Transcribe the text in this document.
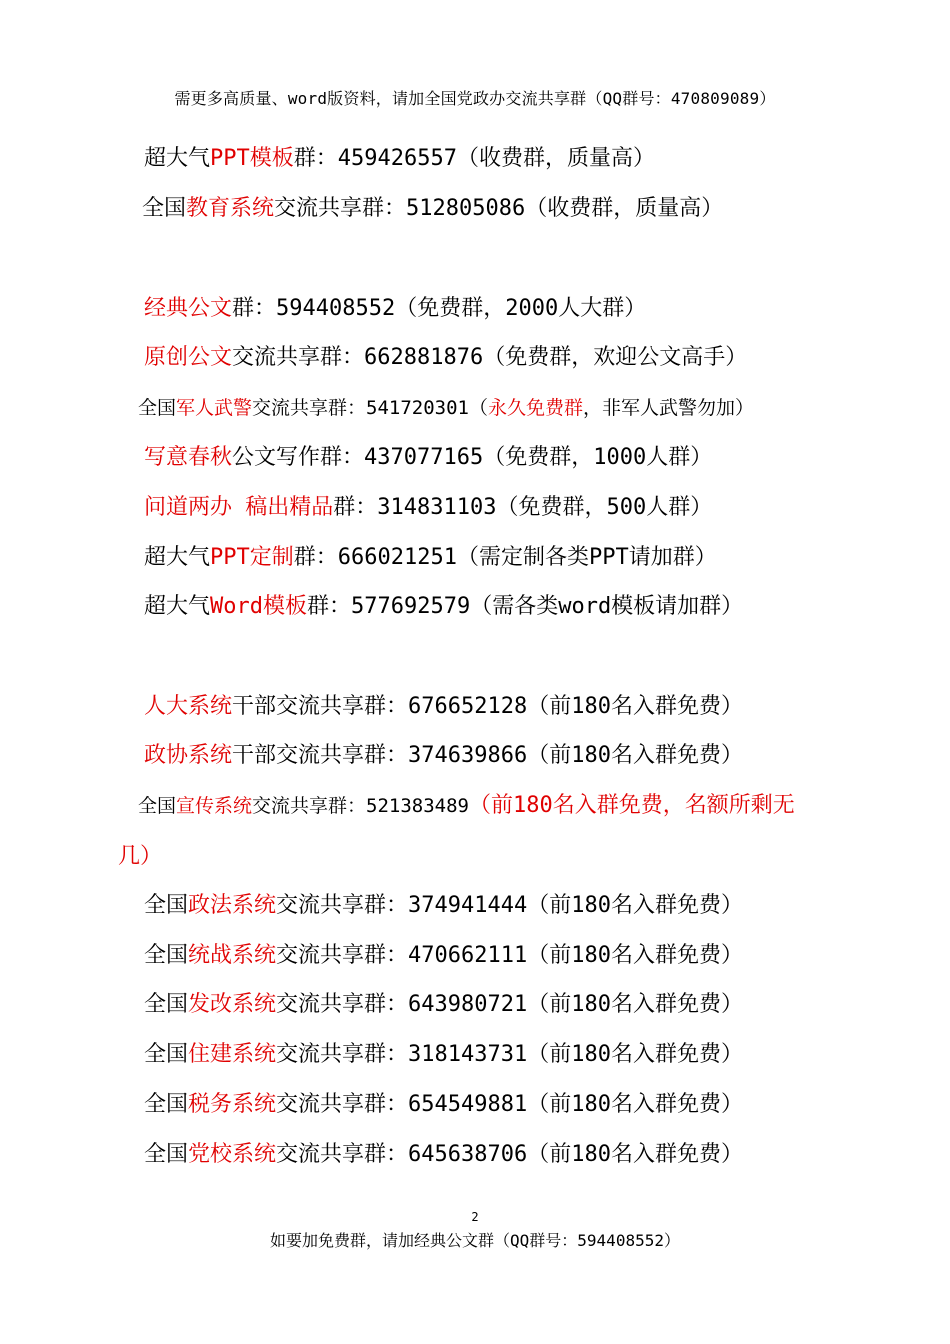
需更多高质量、word版资料，请加全国党政办交流共享群（QQ群号：470809089）
超大气PPT模板群：459426557（收费群，质量高）
全国教育系统交流共享群：512805086（收费群，质量高）
经典公文群：594408552（免费群，2000人大群）
原创公文交流共享群：662881876（免费群，欢迎公文高手）
全国军人武警交流共享群：541720301（永久免费群，非军人武警勿加）
写意春秋公文写作群：437077165（免费群，1000人群）
问道两办 稿出精品群：314831103（免费群，500人群）
超大气PPT定制群：666021251（需定制各类PPT请加群）
超大气Word模板群：577692579（需各类word模板请加群）
人大系统干部交流共享群：676652128（前180名入群免费）
政协系统干部交流共享群：374639866（前180名入群免费）
全国宣传系统交流共享群：521383489（前180名入群免费，名额所剩无
几）
全国政法系统交流共享群：374941444（前180名入群免费）
全国统战系统交流共享群：470662111（前180名入群免费）
全国发改系统交流共享群：643980721（前180名入群免费）
全国住建系统交流共享群：318143731（前180名入群免费）
全国税务系统交流共享群：654549881（前180名入群免费）
全国党校系统交流共享群：645638706（前180名入群免费）
2
如要加免费群，请加经典公文群（QQ群号：594408552）
